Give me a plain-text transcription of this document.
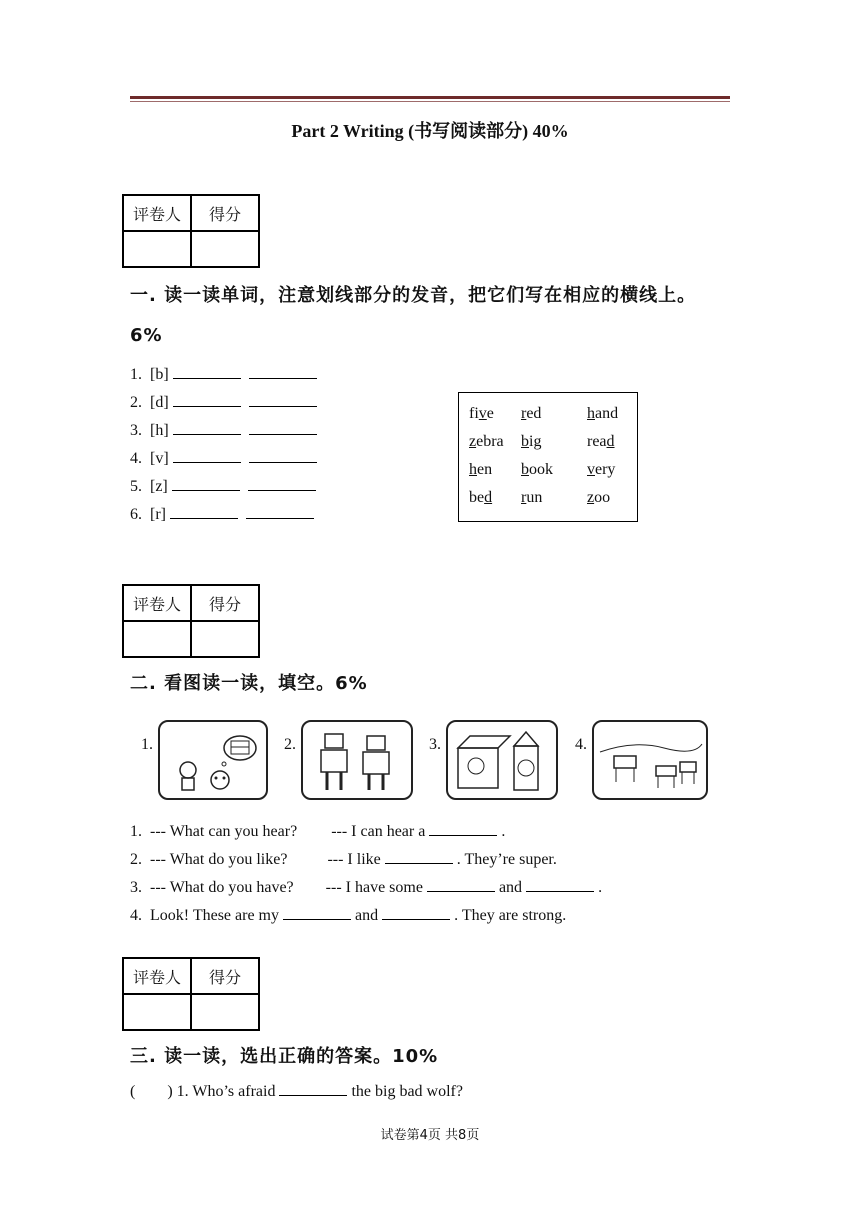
Part 2 Writing (书写阅读部分) 40%
评卷人	得分

一. 读一读单词，注意划线部分的发音，把它们写在相应的横线上。
6%
1.  [b]
2.  [d]
3.  [h]
4.  [v]
5.  [z]
6.  [r]
five red	hand
zebra big	read
hen book very
bed run	zoo
评卷人	得分

二. 看图读一读，填空。6%
1.	2.	3.	4.
1.  --- What can you hear? --- I can hear a	.
2.  --- What do you like?	--- I like	. They’re super.
3.  --- What do you have? --- I have some	and	.
4.  Look! These are my	and	. They are strong.
评卷人	得分

三. 读一读，选出正确的答案。10%
(        ) 1. Who’s afraid	the big bad wolf?
试卷第4页 共8页
